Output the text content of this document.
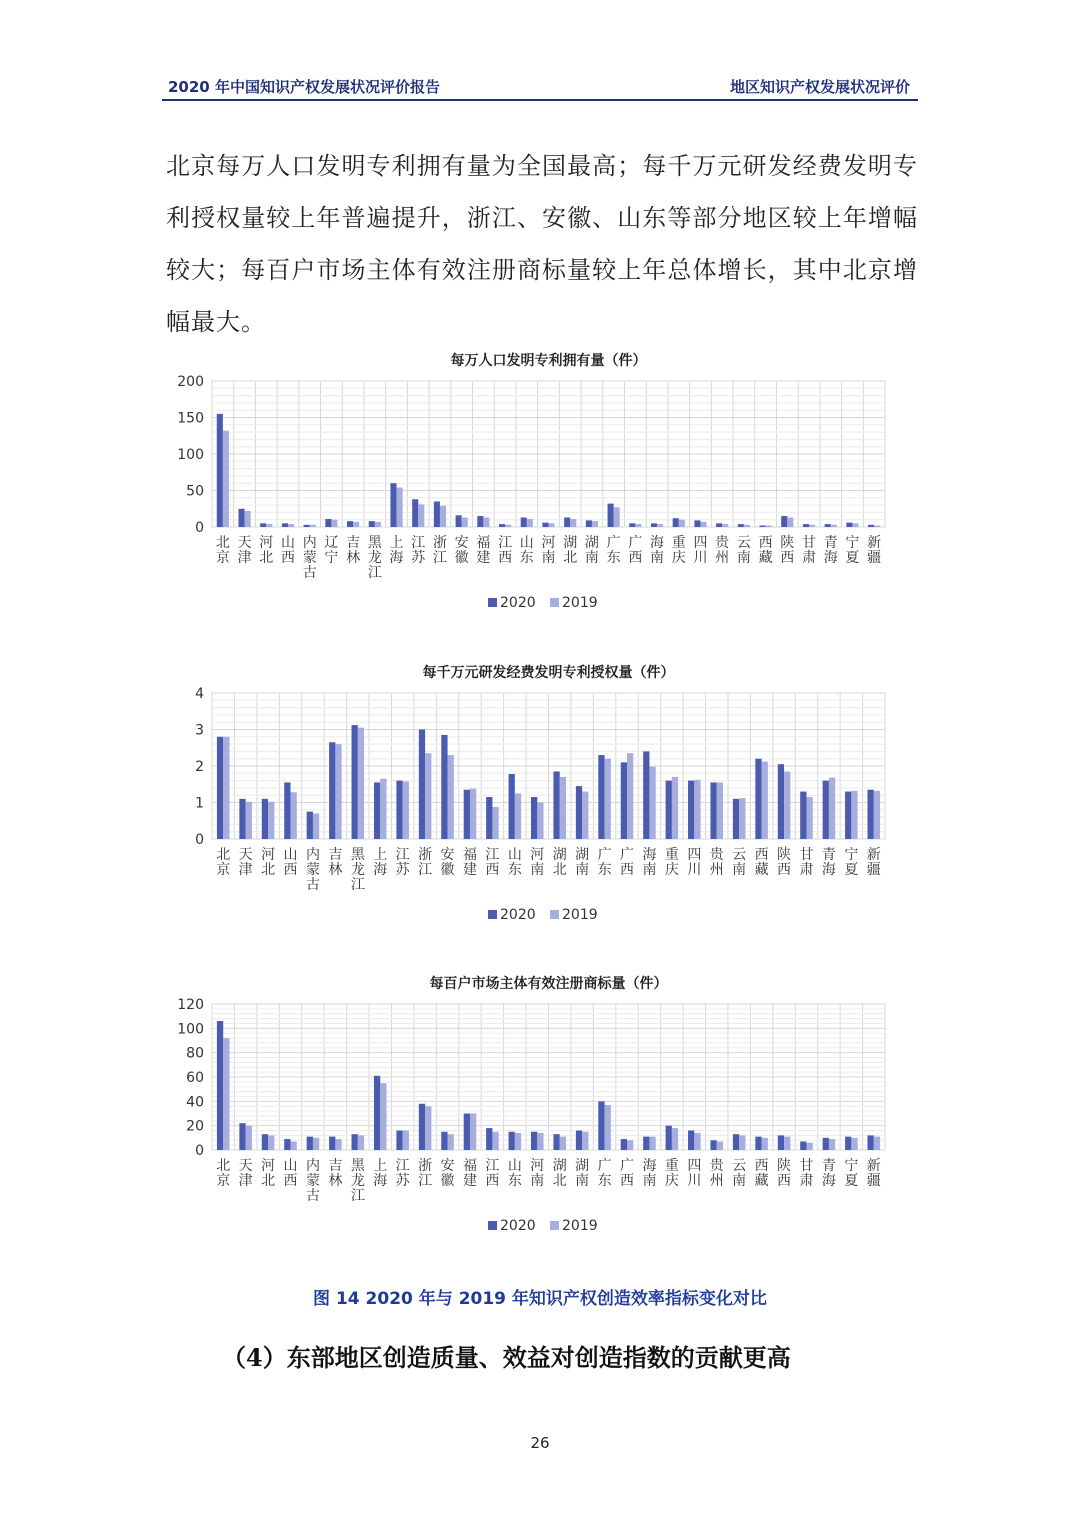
2020 年中国知识产权发展状况评价报告	地区知识产权发展状况评价
北京每万人口发明专利拥有量为全国最高；每千万元研发经费发明专利授权量较上年普遍提升，浙江、安徽、山东等部分地区较上年增幅较大；每百户市场主体有效注册商标量较上年总体增长，其中北京增幅最大。
每万人口发明专利拥有量（件）
0
50
100
150
200
北京
天津
河北
山西
内蒙古
辽宁
吉林
黑龙江
上海
江苏
浙江
安徽
福建
江西
山东
河南
湖北
湖南
广东
广西
海南
重庆
四川
贵州
云南
西藏
陕西
甘肃
青海
宁夏
新疆
2020 2019
每千万元研发经费发明专利授权量（件）
0
1
2
3
4
北京
天津
河北
山西
内蒙古
吉林
黑龙江
上海
江苏
浙江
安徽
福建
江西
山东
河南
湖北
湖南
广东
广西
海南
重庆
四川
贵州
云南
西藏
陕西
甘肃
青海
宁夏
新疆
2020 2019
每百户市场主体有效注册商标量（件）
0
20
40
60
80
100
120
北京
天津
河北
山西
内蒙古
吉林
黑龙江
上海
江苏
浙江
安徽
福建
江西
山东
河南
湖北
湖南
广东
广西
海南
重庆
四川
贵州
云南
西藏
陕西
甘肃
青海
宁夏
新疆
2020 2019
图 14 2020 年与 2019 年知识产权创造效率指标变化对比
（4）东部地区创造质量、效益对创造指数的贡献更高
26
